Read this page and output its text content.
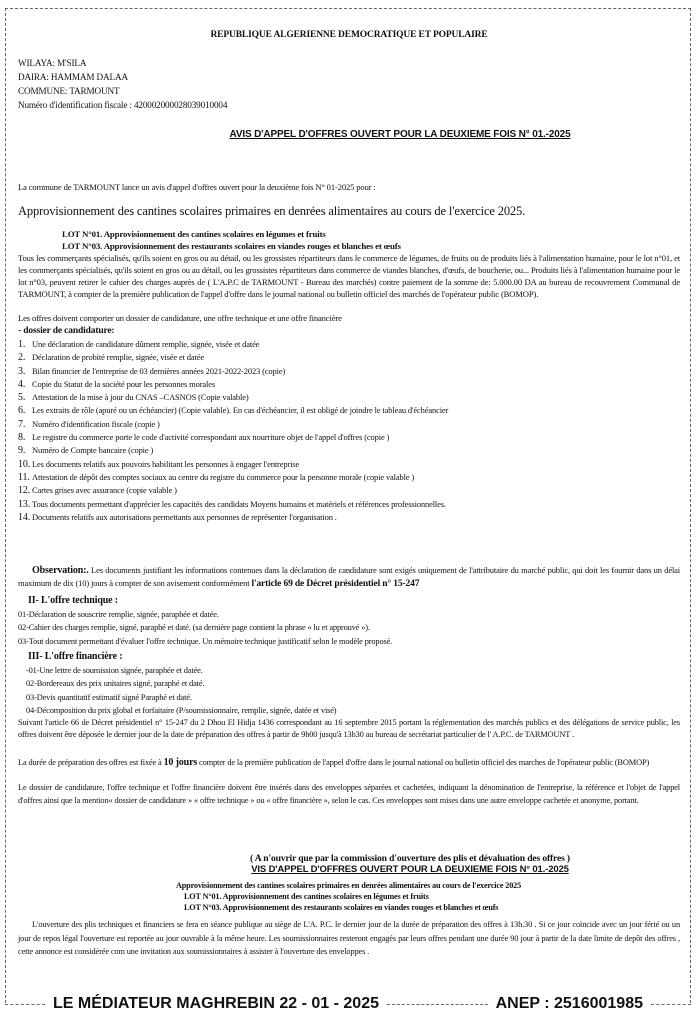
REPUBLIQUE ALGERIENNE DEMOCRATIQUE ET POPULAIRE
WILAYA: M'SILA
DAIRA: HAMMAM DALAA
COMMUNE: TARMOUNT
Numéro d'identification fiscale : 420002000028039010004
AVIS D'APPEL D'OFFRES OUVERT POUR LA DEUXIEME FOIS N° 01.-2025
La commune de TARMOUNT lance un avis d'appel d'offres ouvert pour la deuxième fois N° 01-2025 pour :
Approvisionnement des cantines scolaires primaires en denrées alimentaires au cours de l'exercice 2025.
LOT N°01. Approvisionnement des cantines scolaires en légumes et fruits
LOT N°03. Approvisionnement des restaurants scolaires en viandes rouges et blanches et œufs
Tous les commerçants spécialisés, qu'ils soient en gros ou au détail, ou les grossistes répartiteurs dans le commerce de légumes, de fruits ou de produits liés à l'alimentation humaine, pour le lot n°01, et les commerçants spécialisés, qu'ils soient en gros ou au détail, ou les grossistes répartiteurs dans commerce de viandes blanches, d'œufs, de boucherie, ou... Produits liés à l'alimentation humaine pour le lot n°03, peuvent retirer le cahier des charges auprès de ( L'A.P.C de TARMOUNT - Bureau des marchés) contre paiement de la somme de: 5.000.00 DA au bureau de recouvrement Communal de TARMOUNT, à compter de la première publication de l'appel d'offre dans le journal national ou bulletin officiel des marchés de l'opérateur public (BOMOP).
Les offres doivent comporter un dossier de candidature, une offre technique et une offre financière
- dossier de candidature:
1. Une déclaration de candidature dûment remplie, signée, visée et datée
2. Déclaration de probité remplie, signée, visée et datée
3. Bilan financier de l'entreprise de 03 dernières années 2021-2022-2023 (copie)
4. Copie du Statut de la société pour les personnes morales
5. Attestation de la mise à jour du CNAS –CASNOS (Copie valable)
6. Les extraits de rôle (apuré ou un échéancier) (Copie valable). En cas d'échéancier, il est obligé de joindre le tableau d'échéancier
7. Numéro d'identification fiscale (copie )
8. Le registre du commerce porte le code d'activité correspondant aux nourriture objet de l'appel d'offres (copie )
9. Numéro de Compte bancaire (copie )
10. Les documents relatifs aux pouvoirs habilitant les personnes à engager l'entreprise
11. Attestation de dépôt des comptes sociaux au centre du registre du commerce pour la personne morale (copie valable )
12. Cartes grises avec assurance (copie valable )
13. Tous documents permettant d'apprécier les capacités des candidats Moyens humains et matériels et références professionnelles.
14. Documents relatifs aux autorisations permettants aux personnes de représenter l'organisation .
Observation:. Les documents justifiant les informations contenues dans la déclaration de candidature sont exigés uniquement de l'attributaire du marché public, qui doit les fournir dans un délai maximum de dix (10) jours à compter de son avisement conformément l'article 69 de Décret présidentiel n° 15-247
II- L'offre technique :
01-Déclaration de souscrire remplie, signée, paraphée et datée.
02-Cahier des charges remplie, signé, paraphé et daté. (sa dernière page contient la phrase « lu et approuvé »).
03-Tout document permettant d'évaluer l'offre technique. Un mémoire technique justificatif selon le modèle proposé.
III- L'offre financière :
-01-Une lettre de soumission signée, paraphée et datée.
02-Bordereaux des prix unitaires signé, paraphé et daté.
03-Devis quantitatif estimatif signé Paraphé et daté.
04-Décomposition du prix global et forfaitaire (P/soumissionnaire, remplie, signée, datée et visé)
Suivant l'article 66 de Décret présidentiel n° 15-247 du 2 Dhou El Hidja 1436 correspondant au 16 septembre 2015 portant la réglementation des marchés publics et des délégations de service public, les offres doivent être déposée le dernier jour de la date de préparation des offres à partir de 9h00 jusqu'à 13h30 au bureau de secrétariat particulier de l' A.P.C. de TARMOUNT .
La durée de préparation des offres est fixée à 10 jours compter de la première publication de l'appel d'offre dans le journal national ou bulletin officiel des marches de l'opérateur public (BOMOP)
Le dossier de candidature, l'offre technique et l'offre financière doivent être insérés dans des enveloppes séparées et cachetées, indiquant la dénomination de l'entreprise, la référence et l'objet de l'appel d'offres ainsi que la mention« dossier de candidature » « offre technique » ou « offre financière », selon le cas. Ces enveloppes sont mises dans une autre enveloppe cachetée et anonyme, portant.
( A n'ouvrir que par la commission d'ouverture des plis et dévaluation des offres )
VIS D'APPEL D'OFFRES OUVERT POUR LA DEUXIEME FOIS N° 01.-2025
Approvisionnement des cantines scolaires primaires en denrées alimentaires au cours de l'exercice 2025
LOT N°01. Approvisionnement des cantines scolaires en légumes et fruits
LOT N°03. Approvisionnement des restaurants scolaires en viandes rouges et blanches et œufs
L'ouverture des plis techniques et financiers se fera en séance publique au siège de L'A. P.C. le dernier jour de la durée de préparation des offres à 13h.30 . Si ce jour coïncide avec un jour férié ou un jour de repos légal l'ouverture est reportée au jour ouvrable à la même heure. Les soumissionnaires resteront engagés par leurs offres pendant une durée 90 jour à partir de la date limite de depôt des offres , cette annonce est considérée com une invitation aux soumissionnaires à assister à l'ouverture des enveloppes .
LE MÉDIATEUR MAGHREBIN 22 - 01 - 2025	ANEP : 2516001985
